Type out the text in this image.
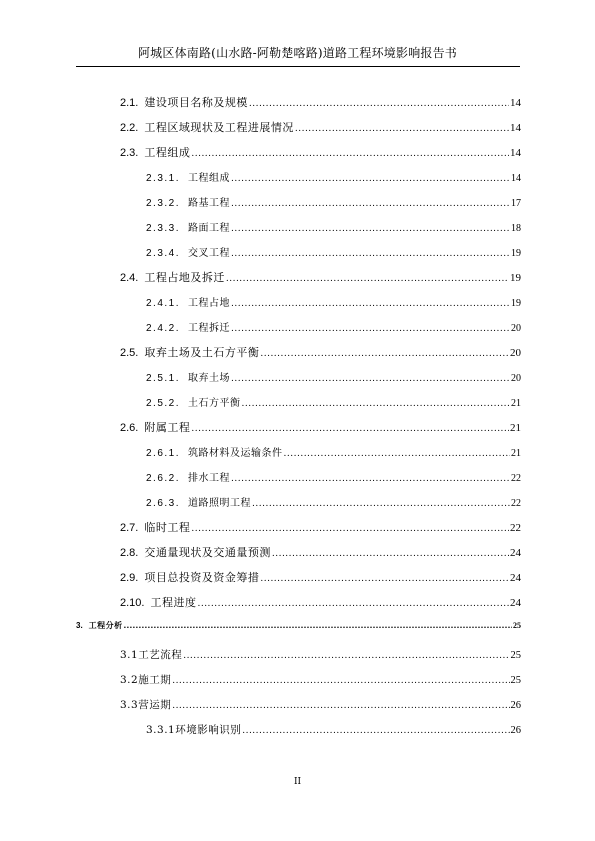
阿城区体南路(山水路-阿勒楚喀路)道路工程环境影响报告书
2.1. 建设项目名称及规模 .....	14
2.2. 工程区域现状及工程进展情况 .....	14
2.3. 工程组成 .....	14
2.3.1. 工程组成 .....	14
2.3.2. 路基工程 .....	17
2.3.3. 路面工程 .....	18
2.3.4. 交叉工程 .....	19
2.4. 工程占地及拆迁 .....	19
2.4.1. 工程占地 .....	19
2.4.2. 工程拆迁 .....	20
2.5. 取弃土场及土石方平衡 .....	20
2.5.1. 取弃土场 .....	20
2.5.2. 土石方平衡 .....	21
2.6. 附属工程 .....	21
2.6.1. 筑路材料及运输条件 .....	21
2.6.2. 排水工程 .....	22
2.6.3. 道路照明工程 .....	22
2.7. 临时工程 .....	22
2.8. 交通量现状及交通量预测 .....	24
2.9. 项目总投资及资金筹措 .....	24
2.10. 工程进度 .....	24
3. 工程分析 .....	25
3.1工艺流程 .....	25
3.2施工期 .....	25
3.3营运期 .....	26
3.3.1环境影响识别 .....	26
II
